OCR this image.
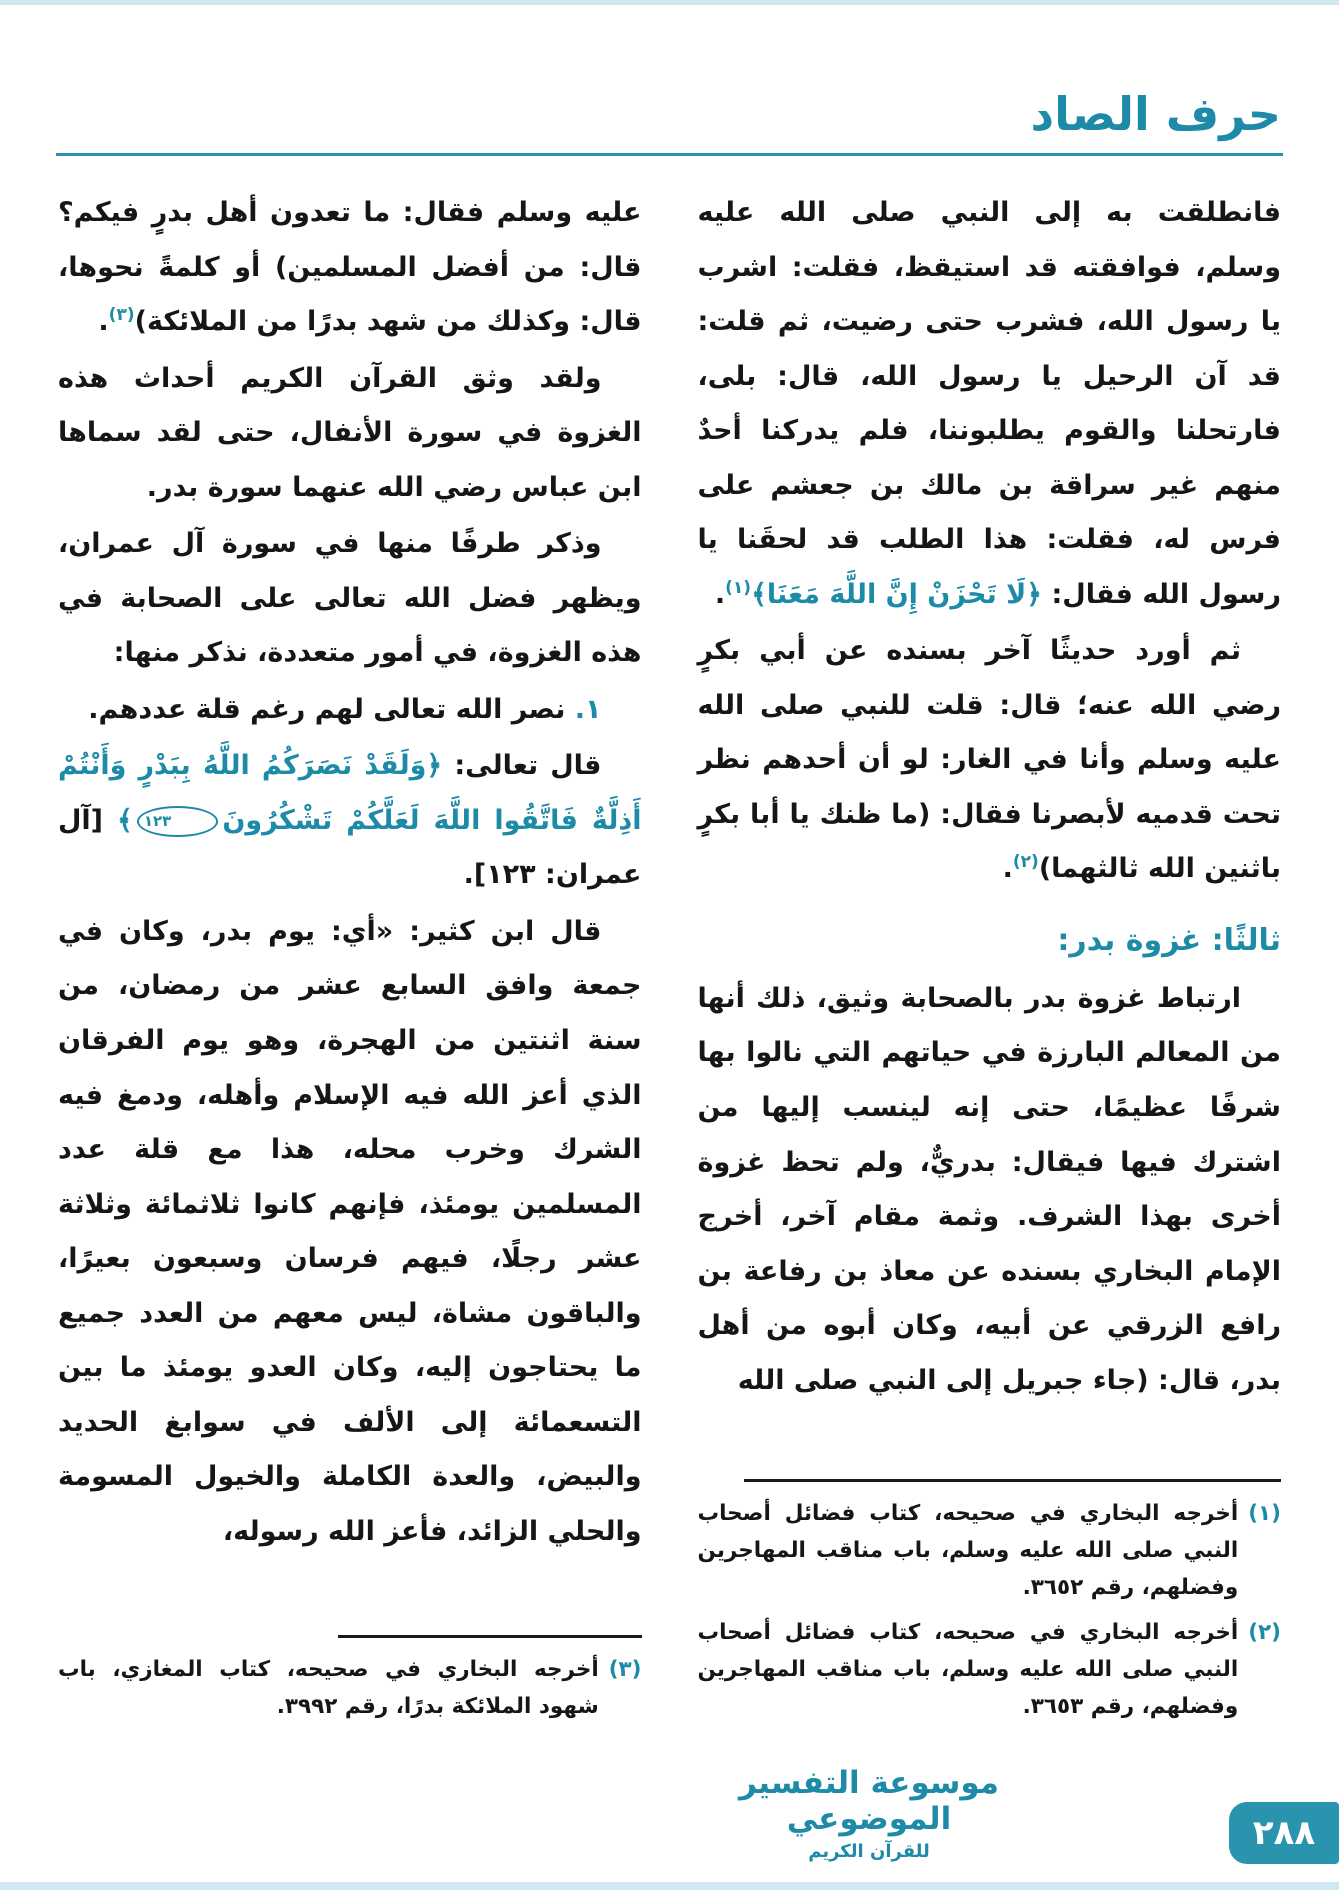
حرف الصاد

فانطلقت به إلى النبي صلى الله عليه وسلم، فوافقته قد استيقظ، فقلت: اشرب يا رسول الله، فشرب حتى رضيت، ثم قلت: قد آن الرحيل يا رسول الله، قال: بلى، فارتحلنا والقوم يطلبوننا، فلم يدركنا أحدٌ منهم غير سراقة بن مالك بن جعشم على فرس له، فقلت: هذا الطلب قد لحقَنا يا رسول الله فقال: ﴿لَا تَحْزَنْ إِنَّ اللَّهَ مَعَنَا﴾$^{(١)}$.

ثم أورد حديثًا آخر بسنده عن أبي بكرٍ رضي الله عنه؛ قال: قلت للنبي صلى الله عليه وسلم وأنا في الغار: لو أن أحدهم نظر تحت قدميه لأبصرنا فقال: (ما ظنك يا أبا بكرٍ باثنين الله ثالثهما)$^{(٢)}$.

ثالثًا: غزوة بدر:

ارتباط غزوة بدر بالصحابة وثيق، ذلك أنها من المعالم البارزة في حياتهم التي نالوا بها شرفًا عظيمًا، حتى إنه لينسب إليها من اشترك فيها فيقال: بدريٌّ، ولم تحظ غزوة أخرى بهذا الشرف. وثمة مقام آخر، أخرج الإمام البخاري بسنده عن معاذ بن رفاعة بن رافع الزرقي عن أبيه، وكان أبوه من أهل بدر، قال: (جاء جبريل إلى النبي صلى الله

(١)
أخرجه البخاري في صحيحه، كتاب فضائل أصحاب النبي صلى الله عليه وسلم، باب مناقب المهاجرين وفضلهم، رقم ٣٦٥٢.
(٢)
أخرجه البخاري في صحيحه، كتاب فضائل أصحاب النبي صلى الله عليه وسلم، باب مناقب المهاجرين وفضلهم، رقم ٣٦٥٣.

عليه وسلم فقال: ما تعدون أهل بدرٍ فيكم؟ قال: من أفضل المسلمين) أو كلمةً نحوها، قال: وكذلك من شهد بدرًا من الملائكة)$^{(٣)}$.

ولقد وثق القرآن الكريم أحداث هذه الغزوة في سورة الأنفال، حتى لقد سماها ابن عباس رضي الله عنهما سورة بدر.

وذكر طرفًا منها في سورة آل عمران، ويظهر فضل الله تعالى على الصحابة في هذه الغزوة، في أمور متعددة، نذكر منها:

١. نصر الله تعالى لهم رغم قلة عددهم.

قال تعالى: ﴿وَلَقَدْ نَصَرَكُمُ اللَّهُ بِبَدْرٍ وَأَنْتُمْ أَذِلَّةٌ فَاتَّقُوا اللَّهَ لَعَلَّكُمْ تَشْكُرُونَ١٢٣﴾ [آل عمران: ١٢٣].

قال ابن كثير: «أي: يوم بدر، وكان في جمعة وافق السابع عشر من رمضان، من سنة اثنتين من الهجرة، وهو يوم الفرقان الذي أعز الله فيه الإسلام وأهله، ودمغ فيه الشرك وخرب محله، هذا مع قلة عدد المسلمين يومئذ، فإنهم كانوا ثلاثمائة وثلاثة عشر رجلًا، فيهم فرسان وسبعون بعيرًا، والباقون مشاة، ليس معهم من العدد جميع ما يحتاجون إليه، وكان العدو يومئذ ما بين التسعمائة إلى الألف في سوابغ الحديد والبيض، والعدة الكاملة والخيول المسومة والحلي الزائد، فأعز الله رسوله،

(٣)
أخرجه البخاري في صحيحه، كتاب المغازي، باب شهود الملائكة بدرًا، رقم ٣٩٩٢.
موسوعة التفسير الموضوعي
للقرآن الكريم	٢٨٨
